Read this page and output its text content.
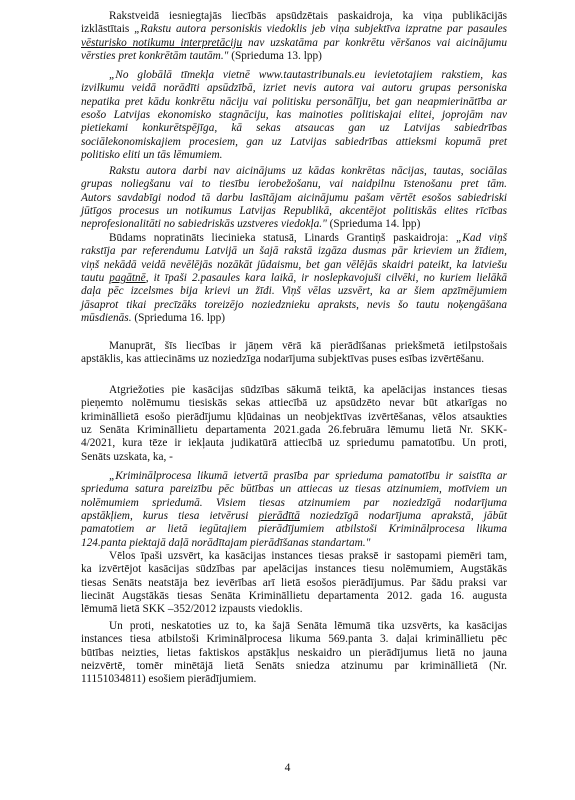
Rakstveidā iesniegtajās liecībās apsūdzētais paskaidroja, ka viņa publikācijās
izklāstītais „Rakstu autora personiskis viedoklis jeb viņa subjektīva izpratne par pasaules
vēsturisko notikumu interpretāciju nav uzskatāma par konkrētu vēršanos vai aicinājumu
vērsties pret konkrētām tautām." (Sprieduma 13. lpp)
„No globālā tīmekļa vietnē www.tautastribunals.eu ievietotajiem rakstiem, kas
izvilkumu veidā norādīti apsūdzībā, izriet nevis autora vai autoru grupas personiska
nepatika pret kādu konkrētu nāciju vai politisku personālīju, bet gan neapmierinātība ar
esošo Latvijas ekonomisko stagnāciju, kas mainoties politiskajai elitei, joprojām nav
pietiekami konkurētspējīga, kā sekas atsaucas gan uz Latvijas sabiedrības
sociālekonomiskajiem procesiem, gan uz Latvijas sabiedrības attieksmi kopumā pret
politisko eliti un tās lēmumiem.
Rakstu autora darbi nav aicinājums uz kādas konkrētas nācijas, tautas, sociālas
grupas noliegšanu vai to tiesību ierobežošanu, vai naidpilnu īstenošanu pret tām.
Autors savdabīgi nodod tā darbu lasītājam aicinājumu pašam vērtēt esošos sabiedriski
jūtīgos procesus un notikumus Latvijas Republikā, akcentējot politiskās elites rīcības
neprofesionalitāti no sabiedriskās uzstveres viedokļa." (Sprieduma 14. lpp)
Būdams nopratināts liecinieka statusā, Linards Grantiņš paskaidroja: „Kad viņš
rakstīja par referendumu Latvijā un šajā rakstā izgāza dusmas pār krieviem un žīdiem,
viņš nekādā veidā nevēlējās nozākāt jūdaismu, bet gan vēlējās skaidri pateikt, ka latviešu
tautu pagātnē, it īpaši 2.pasaules kara laikā, ir noslepkavojuši cilvēki, no kuriem lielākā
daļa pēc izcelsmes bija krievi un žīdi. Viņš vēlas uzsvērt, ka ar šiem apzīmējumiem
jāsaprot tikai precīzāks toreizējo noziedznieku apraksts, nevis šo tautu noķengāšana
mūsdienās. (Sprieduma 16. lpp)
Manuprāt, šīs liecības ir jāņem vērā kā pierādīšanas priekšmetā ietilpstošais
apstāklis, kas attiecināms uz noziedzīga nodarījuma subjektīvas puses esības izvērtēšanu.
Atgriežoties pie kasācijas sūdzības sākumā teiktā, ka apelācijas instances tiesas
pieņemto nolēmumu tiesiskās sekas attiecībā uz apsūdzēto nevar būt atkarīgas no
krimināllietā esošo pierādījumu kļūdainas un neobjektīvas izvērtēšanas, vēlos atsaukties
uz Senāta Krimināllietu departamenta 2021.gada 26.februāra lēmumu lietā Nr. SKK-
4/2021, kura tēze ir iekļauta judikatūrā attiecībā uz spriedumu pamatotību. Un proti,
Senāts uzskata, ka, -
„Kriminālprocesa likumā ietvertā prasība par sprieduma pamatotību ir saistīta ar
sprieduma satura pareizību pēc būtības un attiecas uz tiesas atzinumiem, motīviem un
nolēmumiem spriedumā. Visiem tiesas atzinumiem par noziedzīgā nodarījuma
apstākļiem, kurus tiesa ietvērusi pierādītā noziedzīgā nodarījuma aprakstā, jābūt
pamatotiem ar lietā iegūtajiem pierādījumiem atbilstoši Kriminālprocesa likuma
124.panta piektajā daļā norādītajam pierādīšanas standartam."
Vēlos īpaši uzsvērt, ka kasācijas instances tiesas praksē ir sastopami piemēri tam,
ka izvērtējot kasācijas sūdzības par apelācijas instances tiesu nolēmumiem, Augstākās
tiesas Senāts neatstāja bez ievērības arī lietā esošos pierādījumus. Par šādu praksi var
liecināt Augstākās tiesas Senāta Krimināllietu departamenta 2012. gada 16. augusta
lēmumā lietā SKK –352/2012 izpausts viedoklis.
Un proti, neskatoties uz to, ka šajā Senāta lēmumā tika uzsvērts, ka kasācijas
instances tiesa atbilstoši Kriminālprocesa likuma 569.panta 3. daļai krimināllietu pēc
būtības neizties, lietas faktiskos apstākļus neskaidro un pierādījumus lietā no jauna
neizvērtē, tomēr minētājā lietā Senāts sniedza atzinumu par krimināllietā (Nr.
11151034811) esošiem pierādījumiem.
4
